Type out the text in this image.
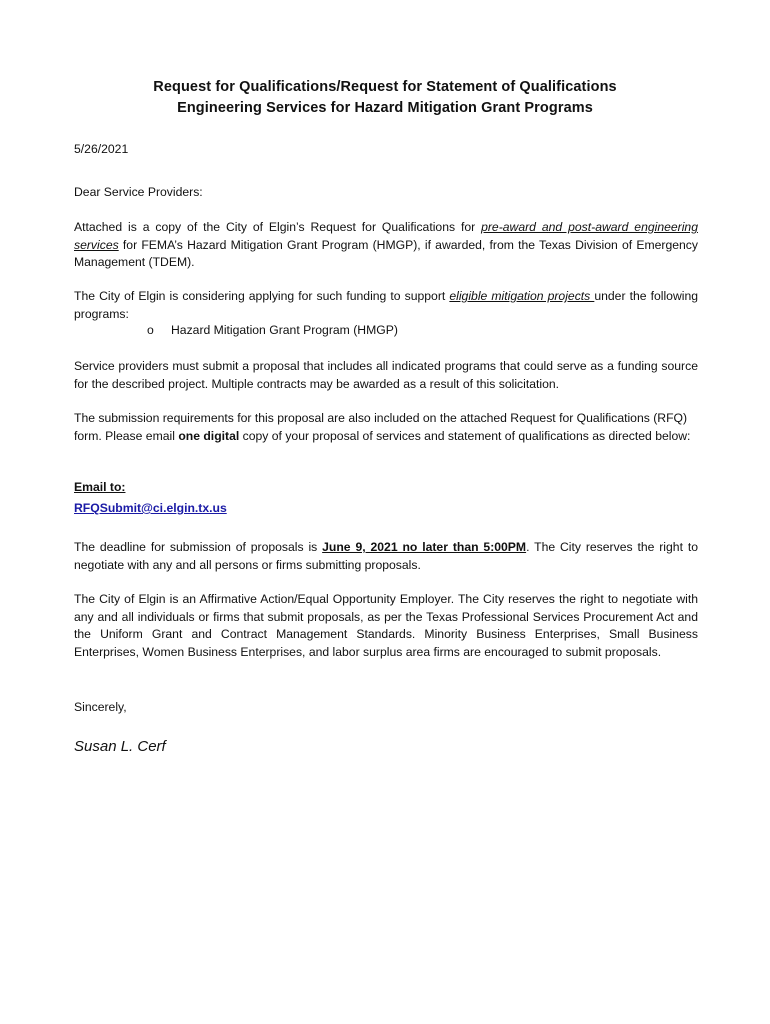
Request for Qualifications/Request for Statement of Qualifications
Engineering Services for Hazard Mitigation Grant Programs
5/26/2021
Dear Service Providers:
Attached is a copy of the City of Elgin’s Request for Qualifications for pre-award and post-award engineering services for FEMA’s Hazard Mitigation Grant Program (HMGP), if awarded, from the Texas Division of Emergency Management (TDEM).
The City of Elgin is considering applying for such funding to support eligible mitigation projects under the following programs:
o Hazard Mitigation Grant Program (HMGP)
Service providers must submit a proposal that includes all indicated programs that could serve as a funding source for the described project. Multiple contracts may be awarded as a result of this solicitation.
The submission requirements for this proposal are also included on the attached Request for Qualifications (RFQ) form. Please email one digital copy of your proposal of services and statement of qualifications as directed below:
Email to:
RFQSubmit@ci.elgin.tx.us
The deadline for submission of proposals is June 9, 2021 no later than 5:00PM. The City reserves the right to negotiate with any and all persons or firms submitting proposals.
The City of Elgin is an Affirmative Action/Equal Opportunity Employer. The City reserves the right to negotiate with any and all individuals or firms that submit proposals, as per the Texas Professional Services Procurement Act and the Uniform Grant and Contract Management Standards. Minority Business Enterprises, Small Business Enterprises, Women Business Enterprises, and labor surplus area firms are encouraged to submit proposals.
Sincerely,
Susan L. Cerf
